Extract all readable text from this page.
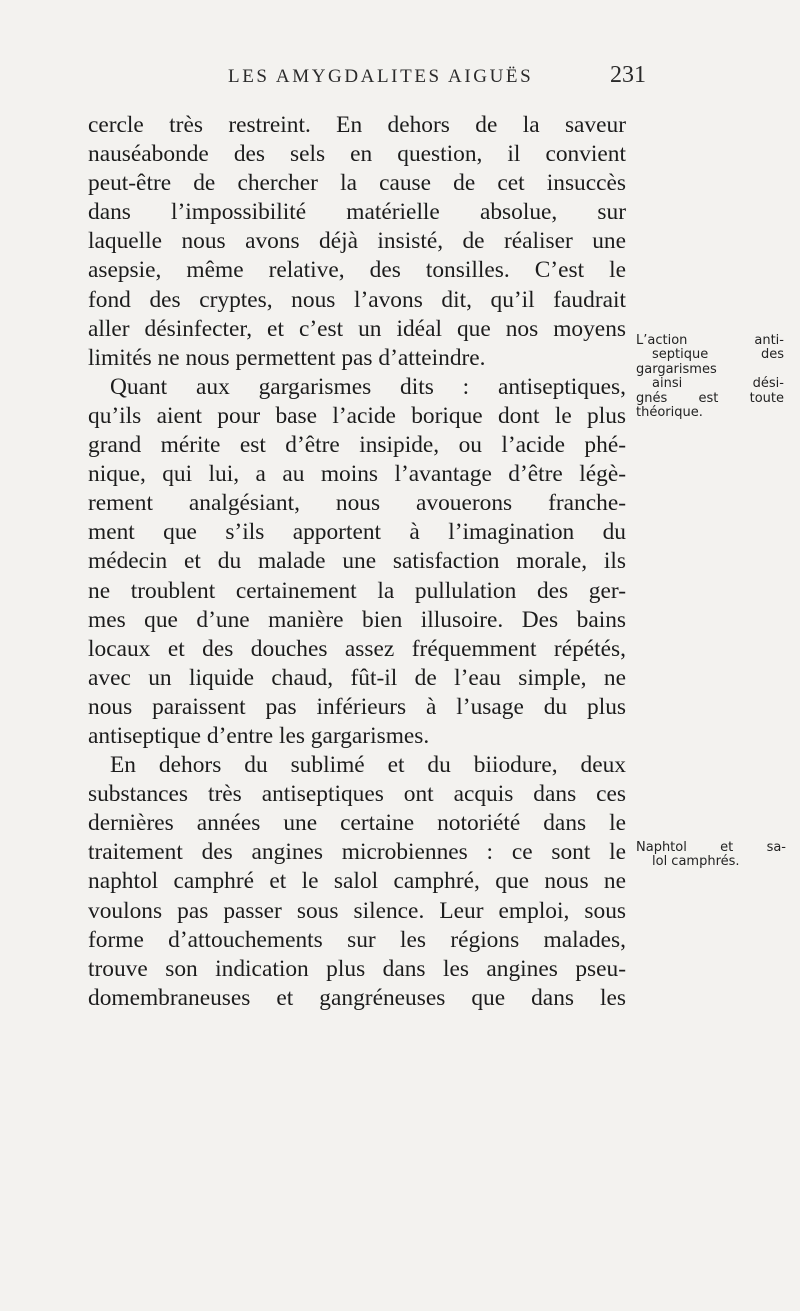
LES AMYGDALITES AIGUËS	231
cercle très restreint. En dehors de la saveur
nauséabonde des sels en question, il convient
peut-être de chercher la cause de cet insuccès
dans l’impossibilité matérielle absolue, sur
laquelle nous avons déjà insisté, de réaliser une
asepsie, même relative, des tonsilles. C’est le
fond des cryptes, nous l’avons dit, qu’il faudrait
aller désinfecter, et c’est un idéal que nos moyens
limités ne nous permettent pas d’atteindre.
Quant aux gargarismes dits : antiseptiques,
qu’ils aient pour base l’acide borique dont le plus
grand mérite est d’être insipide, ou l’acide phé-
nique, qui lui, a au moins l’avantage d’être légè-
rement analgésiant, nous avouerons franche-
ment que s’ils apportent à l’imagination du
médecin et du malade une satisfaction morale, ils
ne troublent certainement la pullulation des ger-
mes que d’une manière bien illusoire. Des bains
locaux et des douches assez fréquemment répétés,
avec un liquide chaud, fût-il de l’eau simple, ne
nous paraissent pas inférieurs à l’usage du plus
antiseptique d’entre les gargarismes.
En dehors du sublimé et du biiodure, deux
substances très antiseptiques ont acquis dans ces
dernières années une certaine notoriété dans le
traitement des angines microbiennes : ce sont le
naphtol camphré et le salol camphré, que nous ne
voulons pas passer sous silence. Leur emploi, sous
forme d’attouchements sur les régions malades,
trouve son indication plus dans les angines pseu-
domembraneuses et gangréneuses que dans les
L’action anti-
septique des
gargarismes
ainsi dési-
gnés est toute
théorique.
Naphtol et sa-
lol camphrés.
